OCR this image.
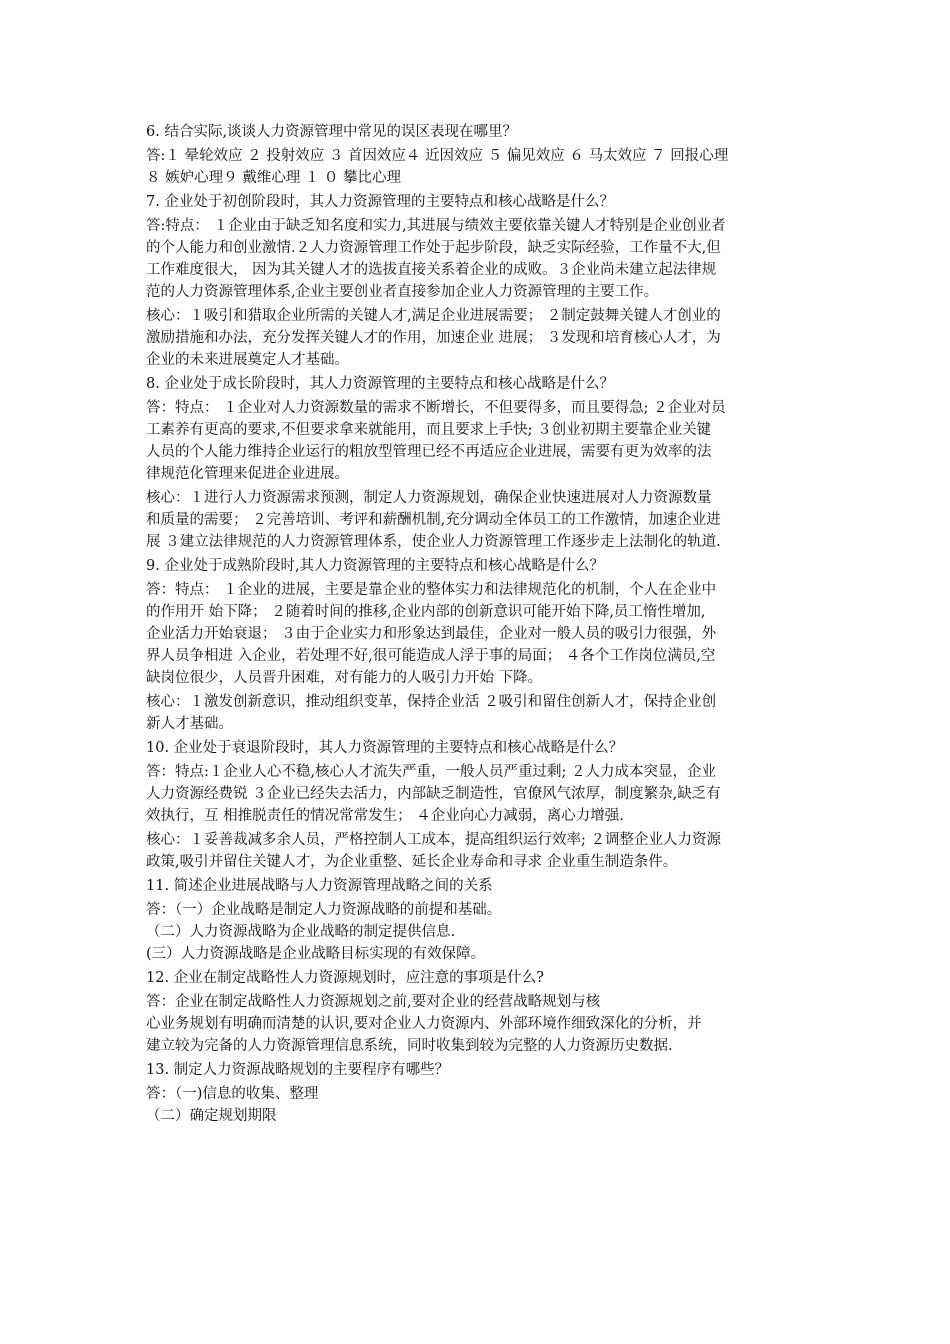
6. 结合实际,谈谈人力资源管理中常见的误区表现在哪里？
答:１ 晕轮效应 ２ 投射效应 ３ 首因效应４ 近因效应 ５ 偏见效应 ６ 马太效应 ７ 回报心理
８ 嫉妒心理９ 戴维心理 １ ０ 攀比心理
7. 企业处于初创阶段时，其人力资源管理的主要特点和核心战略是什么？
答:特点： １企业由于缺乏知名度和实力,其进展与绩效主要依靠关键人才特别是企业创业者
的个人能力和创业激情.２人力资源管理工作处于起步阶段，缺乏实际经验，工作量不大,但
工作难度很大， 因为其关键人才的选拔直接关系着企业的成败。３企业尚未建立起法律规
范的人力资源管理体系,企业主要创业者直接参加企业人力资源管理的主要工作。
核心：１吸引和猎取企业所需的关键人才,满足企业进展需要； ２制定鼓舞关键人才创业的
激励措施和办法，充分发挥关键人才的作用，加速企业 进展； ３发现和培育核心人才，为
企业的未来进展奠定人才基础。
8. 企业处于成长阶段时，其人力资源管理的主要特点和核心战略是什么？
答：特点： １企业对人力资源数量的需求不断增长，不但要得多，而且要得急; ２企业对员
工素养有更高的要求,不但要求拿来就能用，而且要求上手快; ３创业初期主要靠企业关键
人员的个人能力维持企业运行的粗放型管理已经不再适应企业进展，需要有更为效率的法
律规范化管理来促进企业进展。
核心：１进行人力资源需求预测，制定人力资源规划，确保企业快速进展对人力资源数量
和质量的需要； ２完善培训、考评和薪酬机制,充分调动全体员工的工作激情，加速企业进
展 ３建立法律规范的人力资源管理体系，使企业人力资源管理工作逐步走上法制化的轨道.
9. 企业处于成熟阶段时,其人力资源管理的主要特点和核心战略是什么？
答：特点： １企业的进展，主要是靠企业的整体实力和法律规范化的机制，个人在企业中
的作用开 始下降； ２随着时间的推移,企业内部的创新意识可能开始下降,员工惰性增加,
企业活力开始衰退； ３由于企业实力和形象达到最佳，企业对一般人员的吸引力很强，外
界人员争相进 入企业，若处理不好,很可能造成人浮于事的局面； ４各个工作岗位满员,空
缺岗位很少，人员晋升困难，对有能力的人吸引力开始 下降。
核心：１激发创新意识，推动组织变革，保持企业活 ２吸引和留住创新人才，保持企业创
新人才基础。
10. 企业处于衰退阶段时，其人力资源管理的主要特点和核心战略是什么？
答：特点:１企业人心不稳,核心人才流失严重，一般人员严重过剩; ２人力成本突显，企业
人力资源经费锐 ３企业已经失去活力，内部缺乏制造性，官僚风气浓厚，制度繁杂,缺乏有
效执行，互 相推脱责任的情况常常发生； ４企业向心力减弱，离心力增强.
核心：１妥善裁减多余人员，严格控制人工成本，提高组织运行效率; ２调整企业人力资源
政策,吸引并留住关键人才，为企业重整、延长企业寿命和寻求 企业重生制造条件。
11. 简述企业进展战略与人力资源管理战略之间的关系
答：（一）企业战略是制定人力资源战略的前提和基础。
（二）人力资源战略为企业战略的制定提供信息.
(三）人力资源战略是企业战略目标实现的有效保障。
12. 企业在制定战略性人力资源规划时，应注意的事项是什么?
答：企业在制定战略性人力资源规划之前,要对企业的经营战略规划与核
心业务规划有明确而清楚的认识,要对企业人力资源内、外部环境作细致深化的分析，并
建立较为完备的人力资源管理信息系统，同时收集到较为完整的人力资源历史数据.
13. 制定人力资源战略规划的主要程序有哪些？
答：（一)信息的收集、整理
（二）确定规划期限
